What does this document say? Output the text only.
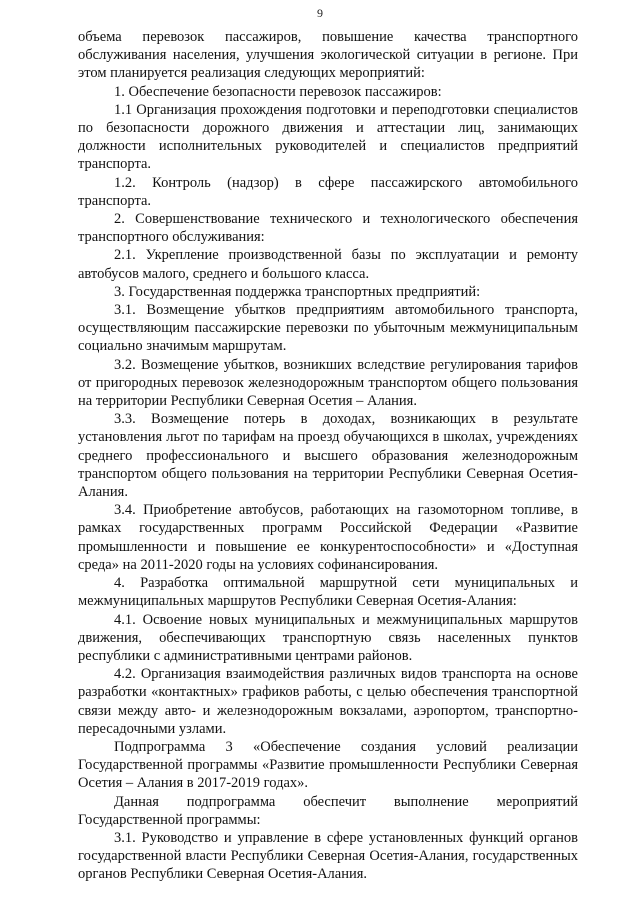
9

объема перевозок пассажиров, повышение качества транспортного обслуживания населения, улучшения экологической ситуации в регионе. При этом планируется реализация следующих мероприятий:

1. Обеспечение безопасности перевозок пассажиров:

1.1 Организация прохождения подготовки и переподготовки специалистов по безопасности дорожного движения и аттестации лиц, занимающих должности исполнительных руководителей и специалистов предприятий транспорта.

1.2. Контроль (надзор) в сфере пассажирского автомобильного транспорта.

2. Совершенствование технического и технологического обеспечения транспортного обслуживания:

2.1. Укрепление производственной базы по эксплуатации и ремонту автобусов малого, среднего и большого класса.

3. Государственная поддержка транспортных предприятий:

3.1. Возмещение убытков предприятиям автомобильного транспорта, осуществляющим пассажирские перевозки по убыточным межмуниципальным социально значимым маршрутам.

3.2. Возмещение убытков, возникших вследствие регулирования тарифов от пригородных перевозок железнодорожным транспортом общего пользования на территории Республики Северная Осетия – Алания.

3.3. Возмещение потерь в доходах, возникающих в результате установления льгот по тарифам на проезд обучающихся в школах, учреждениях среднего профессионального и высшего образования железнодорожным транспортом общего пользования на территории Республики Северная Осетия-Алания.

3.4. Приобретение автобусов, работающих на газомоторном топливе, в рамках государственных программ Российской Федерации «Развитие промышленности и повышение ее конкурентоспособности» и «Доступная среда» на 2011-2020 годы на условиях софинансирования.

4. Разработка оптимальной маршрутной сети муниципальных и межмуниципальных маршрутов Республики Северная Осетия-Алания:

4.1. Освоение новых муниципальных и межмуниципальных маршрутов движения, обеспечивающих транспортную связь населенных пунктов республики с административными центрами районов.

4.2. Организация взаимодействия различных видов транспорта на основе разработки «контактных» графиков работы, с целью обеспечения транспортной связи между авто- и железнодорожным вокзалами, аэропортом, транспортно-пересадочными узлами.

Подпрограмма 3 «Обеспечение создания условий реализации Государственной программы «Развитие промышленности Республики Северная Осетия – Алания в 2017-2019 годах».

Данная подпрограмма обеспечит выполнение мероприятий Государственной программы:

3.1. Руководство и управление в сфере установленных функций органов государственной власти Республики Северная Осетия-Алания, государственных органов Республики Северная Осетия-Алания.
